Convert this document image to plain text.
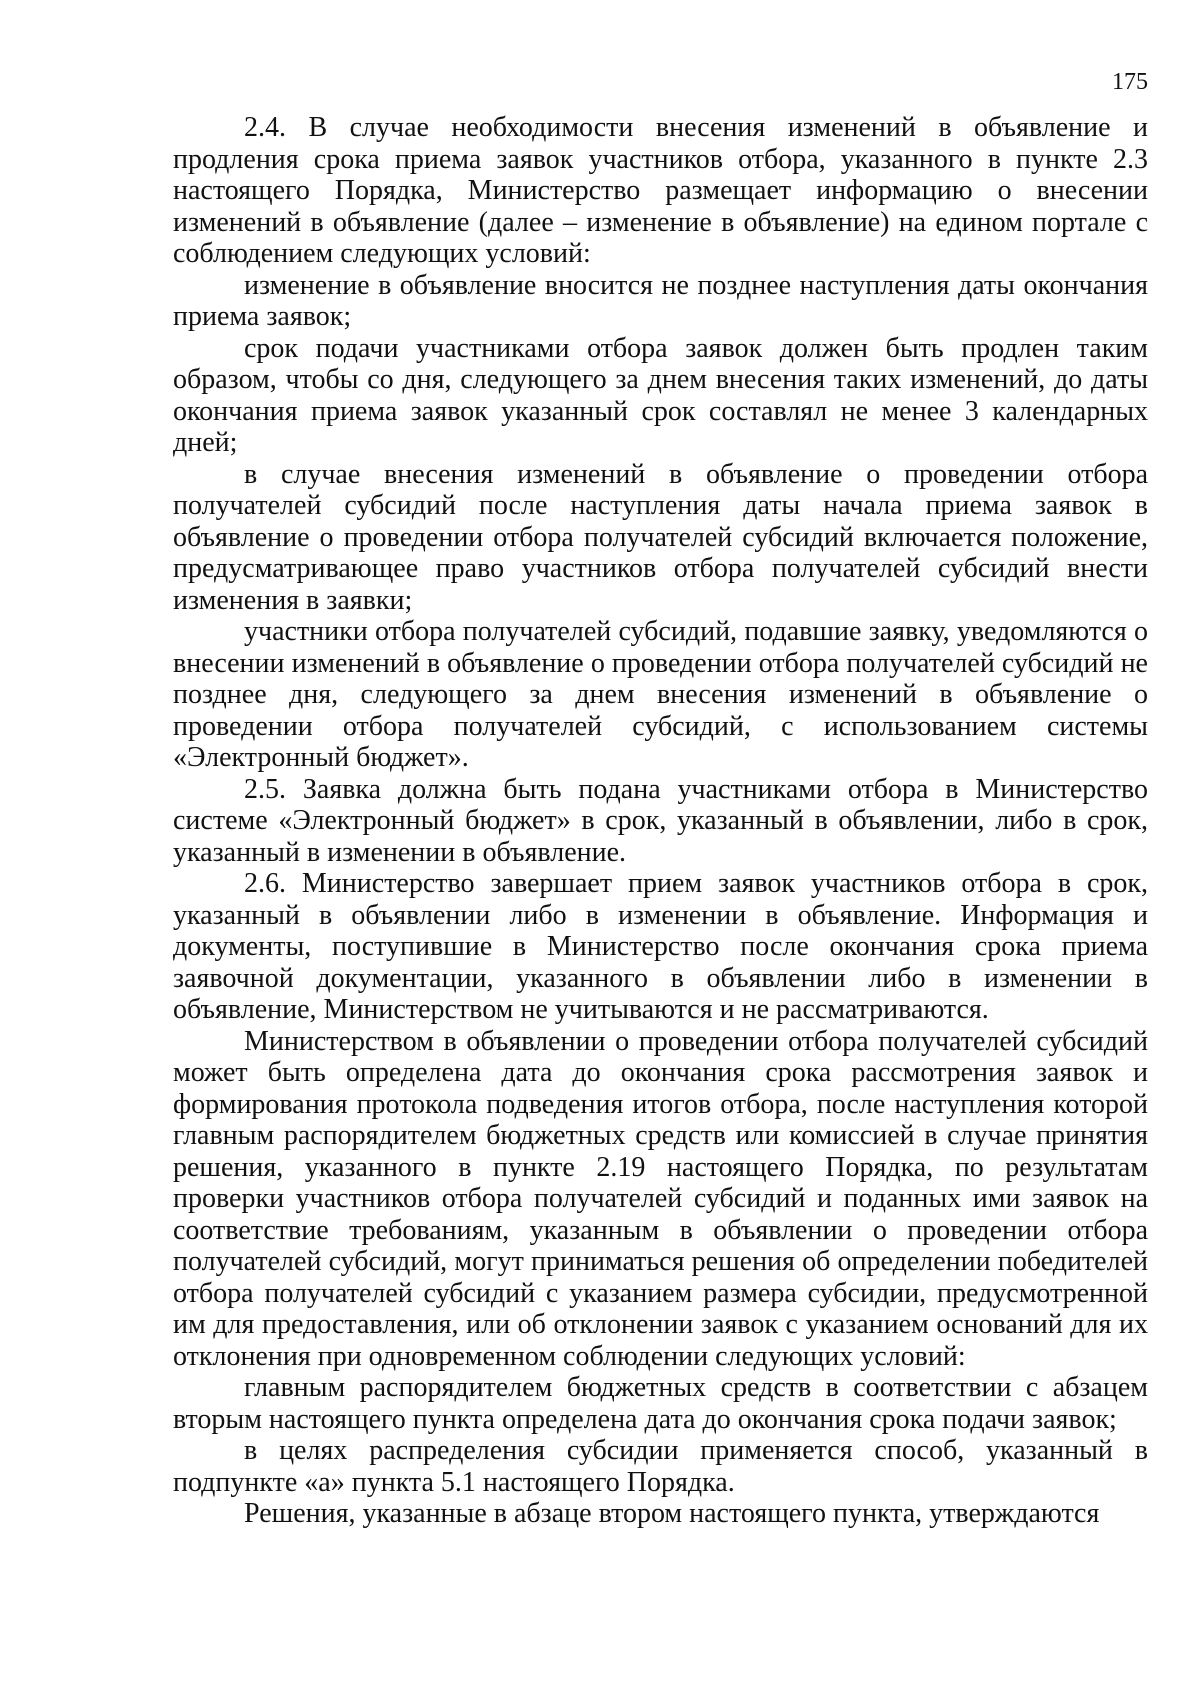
175

2.4. В случае необходимости внесения изменений в объявление и продления срока приема заявок участников отбора, указанного в пункте 2.3 настоящего Порядка, Министерство размещает информацию о внесении изменений в объявление (далее – изменение в объявление) на едином портале с соблюдением следующих условий:

изменение в объявление вносится не позднее наступления даты окончания приема заявок;

срок подачи участниками отбора заявок должен быть продлен таким образом, чтобы со дня, следующего за днем внесения таких изменений, до даты окончания приема заявок указанный срок составлял не менее 3 календарных дней;

в случае внесения изменений в объявление о проведении отбора получателей субсидий после наступления даты начала приема заявок в объявление о проведении отбора получателей субсидий включается положение, предусматривающее право участников отбора получателей субсидий внести изменения в заявки;

участники отбора получателей субсидий, подавшие заявку, уведомляются о внесении изменений в объявление о проведении отбора получателей субсидий не позднее дня, следующего за днем внесения изменений в объявление о проведении отбора получателей субсидий, с использованием системы «Электронный бюджет».

2.5. Заявка должна быть подана участниками отбора в Министерство системе «Электронный бюджет» в срок, указанный в объявлении, либо в срок, указанный в изменении в объявление.

2.6. Министерство завершает прием заявок участников отбора в срок, указанный в объявлении либо в изменении в объявление. Информация и документы, поступившие в Министерство после окончания срока приема заявочной документации, указанного в объявлении либо в изменении в объявление, Министерством не учитываются и не рассматриваются.

Министерством в объявлении о проведении отбора получателей субсидий может быть определена дата до окончания срока рассмотрения заявок и формирования протокола подведения итогов отбора, после наступления которой главным распорядителем бюджетных средств или комиссией в случае принятия решения, указанного в пункте 2.19 настоящего Порядка, по результатам проверки участников отбора получателей субсидий и поданных ими заявок на соответствие требованиям, указанным в объявлении о проведении отбора получателей субсидий, могут приниматься решения об определении победителей отбора получателей субсидий с указанием размера субсидии, предусмотренной им для предоставления, или об отклонении заявок с указанием оснований для их отклонения при одновременном соблюдении следующих условий:

главным распорядителем бюджетных средств в соответствии с абзацем вторым настоящего пункта определена дата до окончания срока подачи заявок;

в целях распределения субсидии применяется способ, указанный в подпункте «а» пункта 5.1 настоящего Порядка.

Решения, указанные в абзаце втором настоящего пункта, утверждаются
